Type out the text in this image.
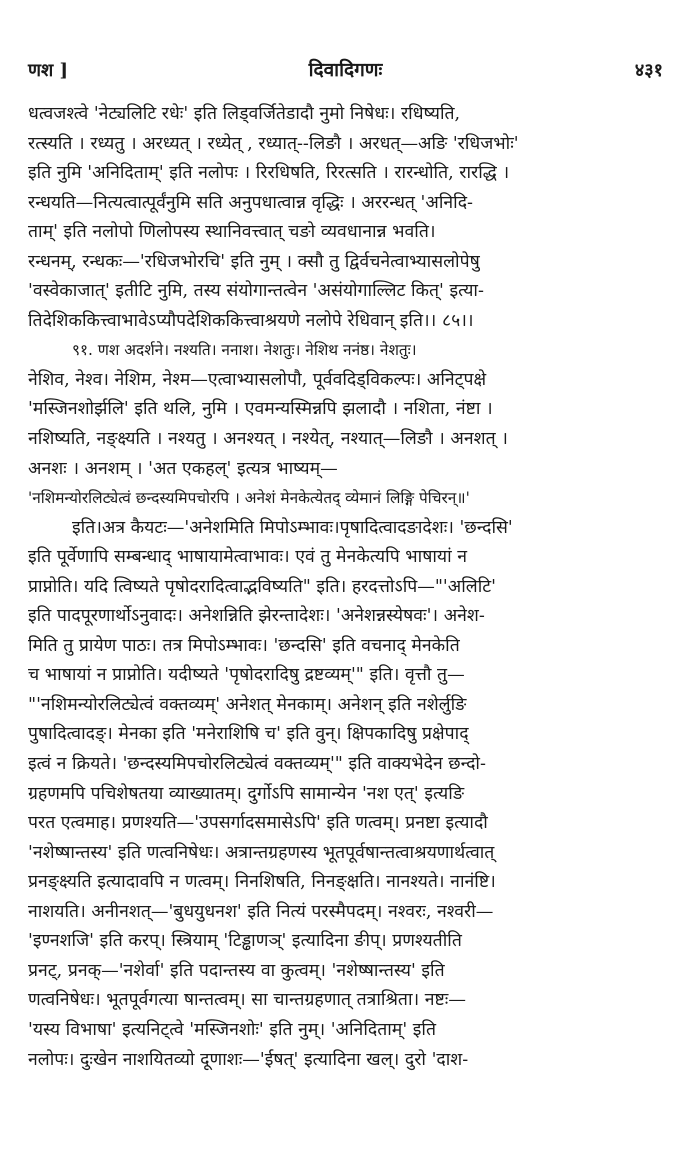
णश ]	दिवादिगणः	४३१
धत्वजश्त्वे 'नेट्यलिटि रधेः' इति लिड्वर्जितेडादौ नुमो निषेधः। रधिष्यति,
रत्स्यति । रध्यतु । अरध्यत् । रध्येत् , रध्यात्--लिङौ । अरधत्—अङि 'रधिजभोः'
इति नुमि 'अनिदिताम्' इति नलोपः । रिरधिषति, रिरत्सति । रारन्धोति, रारद्धि ।
रन्धयति—नित्यत्वात्पूर्वंनुमि सति अनुपधात्वान्न वृद्धिः । अररन्धत् 'अनिदि-
ताम्' इति नलोपो णिलोपस्य स्थानिवत्त्वात् चङो व्यवधानान्न भवति।
रन्धनम्, रन्धकः—'रधिजभोरचि' इति नुम् । क्सौ तु द्विर्वचनेत्वाभ्यासलोपेषु
'वस्वेकाजात्' इतीटि नुमि, तस्य संयोगान्तत्वेन 'असंयोगाल्लिट कित्' इत्या-
तिदेशिककित्त्वाभावेऽप्यौपदेशिककित्त्वाश्रयणे नलोपे रेधिवान् इति।। ८५।।
९१. णश अदर्शने। नश्यति। ननाश। नेशतुः। नेशिथ ननंष्ठ। नेशतुः।
नेशिव, नेश्व। नेशिम, नेश्म—एत्वाभ्यासलोपौ, पूर्ववदिड्विकल्पः। अनिट्पक्षे
'मस्जिनशोर्झलि' इति थलि, नुमि । एवमन्यस्मिन्नपि झलादौ । नशिता, नंष्टा ।
नशिष्यति, नङ्क्ष्यति । नश्यतु । अनश्यत् । नश्येत्, नश्यात्—लिङौ । अनशत् ।
अनशः । अनशम् । 'अत एकहल्' इत्यत्र भाष्यम्—
'नशिमन्योरलिट्येत्वं छन्दस्यमिपचोरपि । अनेशं मेनकेत्येतद् व्येमानं लिङ्गि पेचिरन्॥'
इति।अत्र कैयटः—'अनेशमिति मिपोऽम्भावः।पृषादित्वादङादेशः। 'छन्दसि'
इति पूर्वेणापि सम्बन्धाद् भाषायामेत्वाभावः। एवं तु मेनकेत्यपि भाषायां न
प्राप्नोति। यदि त्विष्यते पृषोदरादित्वाद्भविष्यति" इति। हरदत्तोऽपि—"'अलिटि'
इति पादपूरणार्थोऽनुवादः। अनेशन्निति झेरन्तादेशः। 'अनेशन्नस्येषवः'। अनेश-
मिति तु प्रायेण पाठः। तत्र मिपोऽम्भावः। 'छन्दसि' इति वचनाद् मेनकेति
च भाषायां न प्राप्नोति। यदीष्यते 'पृषोदरादिषु द्रष्टव्यम्'" इति। वृत्तौ तु—
"'नशिमन्योरलिट्येत्वं वक्तव्यम्' अनेशत् मेनकाम्। अनेशन् इति नशेर्लुङि
पुषादित्वादङ्। मेनका इति 'मनेराशिषि च' इति वुन्। क्षिपकादिषु प्रक्षेपाद्
इत्वं न क्रियते। 'छन्दस्यमिपचोरलिट्येत्वं वक्तव्यम्'" इति वाक्यभेदेन छन्दो-
ग्रहणमपि पचिशेषतया व्याख्यातम्। दुर्गोऽपि सामान्येन 'नश एत्' इत्यङि
परत एत्वमाह। प्रणश्यति—'उपसर्गादसमासेऽपि' इति णत्वम्। प्रनष्टा इत्यादौ
'नशेष्षान्तस्य' इति णत्वनिषेधः। अत्रान्तग्रहणस्य भूतपूर्वषान्तत्वाश्रयणार्थत्वात्
प्रनङ्क्ष्यति इत्यादावपि न णत्वम्। निनशिषति, निनङ्क्षति। नानश्यते। नानंष्टि।
नाशयति। अनीनशत्—'बुधयुधनश' इति नित्यं परस्मैपदम्। नश्वरः, नश्वरी—
'इण्नशजि' इति करप्। स्त्रियाम् 'टिड्ढाणञ्' इत्यादिना ङीप्। प्रणश्यतीति
प्रनट्, प्रनक्—'नशेर्वा' इति पदान्तस्य वा कुत्वम्। 'नशेष्षान्तस्य' इति
णत्वनिषेधः। भूतपूर्वगत्या षान्तत्वम्। सा चान्तग्रहणात् तत्राश्रिता। नष्टः—
'यस्य विभाषा' इत्यनिट्त्वे 'मस्जिनशोः' इति नुम्। 'अनिदिताम्' इति
नलोपः। दुःखेन नाशयितव्यो दूणाशः—'ईषत्' इत्यादिना खल्। दुरो 'दाश-
